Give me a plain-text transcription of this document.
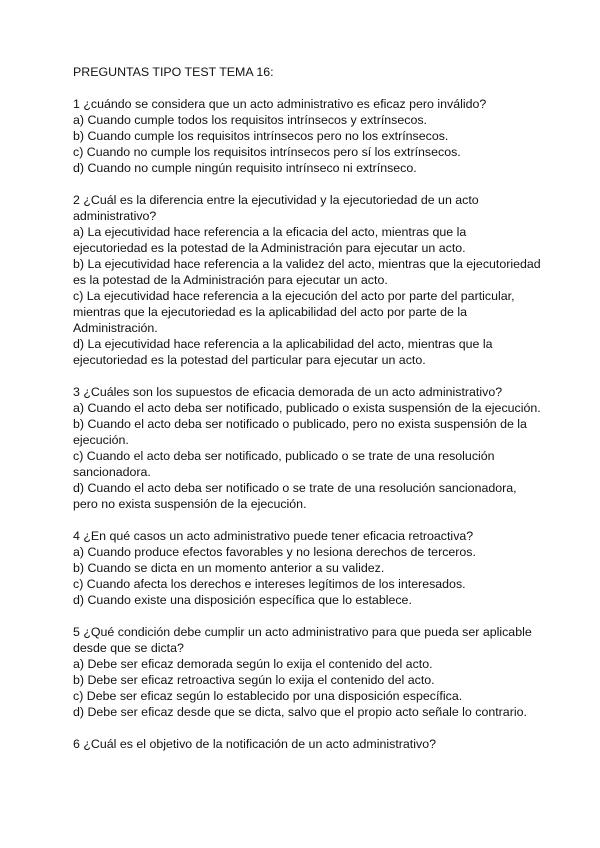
PREGUNTAS TIPO TEST TEMA 16:
1 ¿cuándo se considera que un acto administrativo es eficaz pero inválido?
a) Cuando cumple todos los requisitos intrínsecos y extrínsecos.
b) Cuando cumple los requisitos intrínsecos pero no los extrínsecos.
c) Cuando no cumple los requisitos intrínsecos pero sí los extrínsecos.
d) Cuando no cumple ningún requisito intrínseco ni extrínseco.
2 ¿Cuál es la diferencia entre la ejecutividad y la ejecutoriedad de un acto administrativo?
a) La ejecutividad hace referencia a la eficacia del acto, mientras que la ejecutoriedad es la potestad de la Administración para ejecutar un acto.
b) La ejecutividad hace referencia a la validez del acto, mientras que la ejecutoriedad es la potestad de la Administración para ejecutar un acto.
c) La ejecutividad hace referencia a la ejecución del acto por parte del particular, mientras que la ejecutoriedad es la aplicabilidad del acto por parte de la Administración.
d) La ejecutividad hace referencia a la aplicabilidad del acto, mientras que la ejecutoriedad es la potestad del particular para ejecutar un acto.
3 ¿Cuáles son los supuestos de eficacia demorada de un acto administrativo?
a) Cuando el acto deba ser notificado, publicado o exista suspensión de la ejecución.
b) Cuando el acto deba ser notificado o publicado, pero no exista suspensión de la ejecución.
c) Cuando el acto deba ser notificado, publicado o se trate de una resolución sancionadora.
d) Cuando el acto deba ser notificado o se trate de una resolución sancionadora, pero no exista suspensión de la ejecución.
4 ¿En qué casos un acto administrativo puede tener eficacia retroactiva?
a) Cuando produce efectos favorables y no lesiona derechos de terceros.
b) Cuando se dicta en un momento anterior a su validez.
c) Cuando afecta los derechos e intereses legítimos de los interesados.
d) Cuando existe una disposición específica que lo establece.
5 ¿Qué condición debe cumplir un acto administrativo para que pueda ser aplicable desde que se dicta?
a) Debe ser eficaz demorada según lo exija el contenido del acto.
b) Debe ser eficaz retroactiva según lo exija el contenido del acto.
c) Debe ser eficaz según lo establecido por una disposición específica.
d) Debe ser eficaz desde que se dicta, salvo que el propio acto señale lo contrario.
6 ¿Cuál es el objetivo de la notificación de un acto administrativo?
